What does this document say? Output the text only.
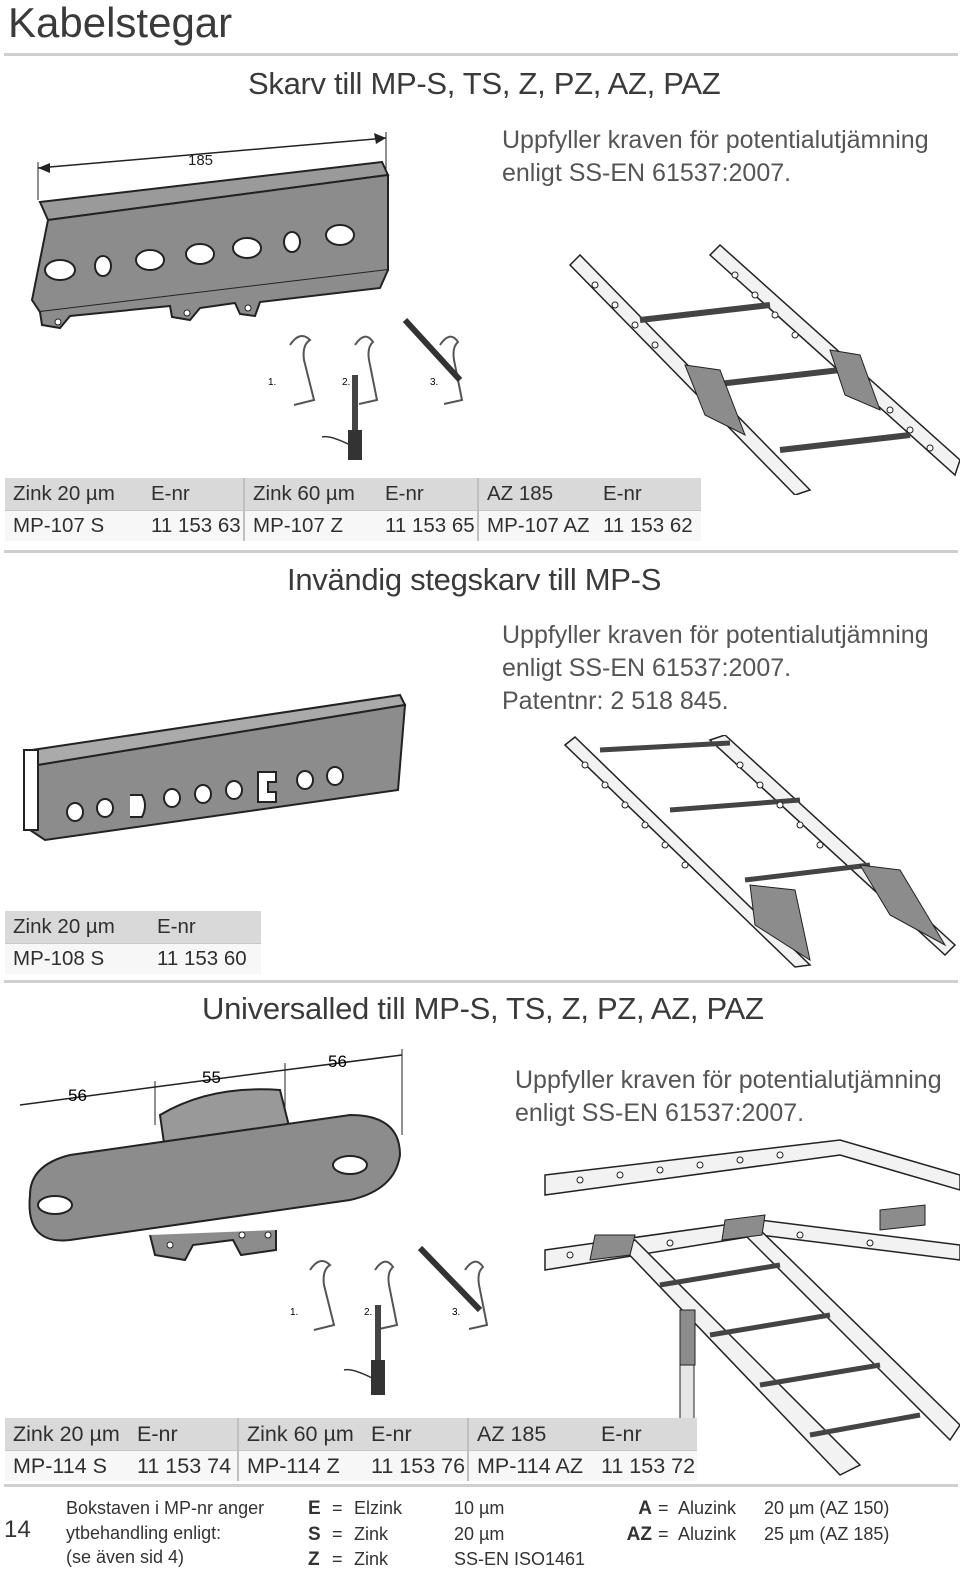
Kabelstegar
Skarv till MP-S, TS, Z, PZ, AZ, PAZ
Uppfyller kraven för potentialutjämning
enligt SS-EN 61537:2007.
185
1.	2.	3.
Zink 20 µm	E-nr	Zink 60 µm	E-nr	AZ 185	E-nr
MP-107 S	11 153 63	MP-107 Z	11 153 65	MP-107 AZ	11 153 62
Invändig stegskarv till MP-S
Uppfyller kraven för potentialutjämning
enligt SS-EN 61537:2007.
Patentnr: 2 518 845.
Zink 20 µm	E-nr
MP-108 S	11 153 60
Universalled till MP-S, TS, Z, PZ, AZ, PAZ
Uppfyller kraven för potentialutjämning
enligt SS-EN 61537:2007.
56
55
56
1.	2.	3.
Zink 20 µm	E-nr	Zink 60 µm	E-nr	AZ 185	E-nr
MP-114 S	11 153 74	MP-114 Z	11 153 76	MP-114 AZ	11 153 72
14
Bokstaven i MP-nr anger
ytbehandling enligt:
(se även sid 4)
E = Elzink	10 µm
S = Zink	20 µm
Z = Zink	SS-EN ISO1461
A = Aluzink 20 µm (AZ 150)
AZ = Aluzink 25 µm (AZ 185)
